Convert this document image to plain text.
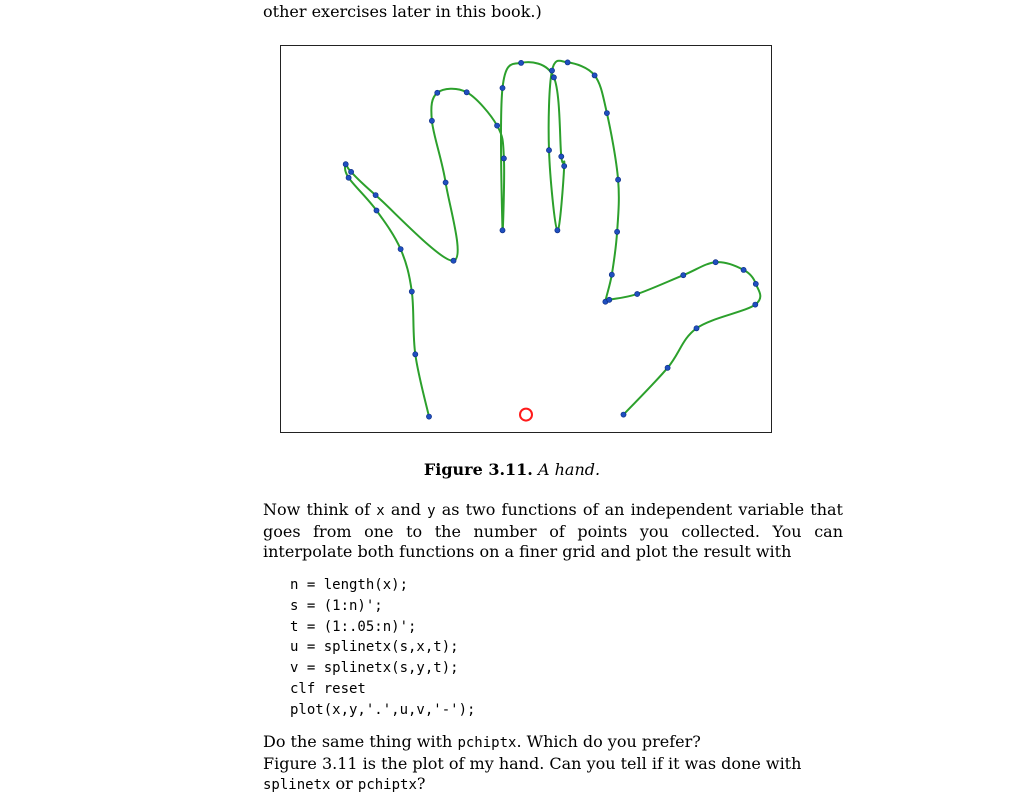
other exercises later in this book.)
Figure 3.11. A hand.

Now think of x and y as two functions of an independent variable that goes from one to the number of points you collected. You can interpolate both functions on a finer grid and plot the result with

n = length(x);
s = (1:n)';
t = (1:.05:n)';
u = splinetx(s,x,t);
v = splinetx(s,y,t);
clf reset
plot(x,y,'.',u,v,'-');

Do the same thing with pchiptx. Which do you prefer?

Figure 3.11 is the plot of my hand. Can you tell if it was done with splinetx or pchiptx?
